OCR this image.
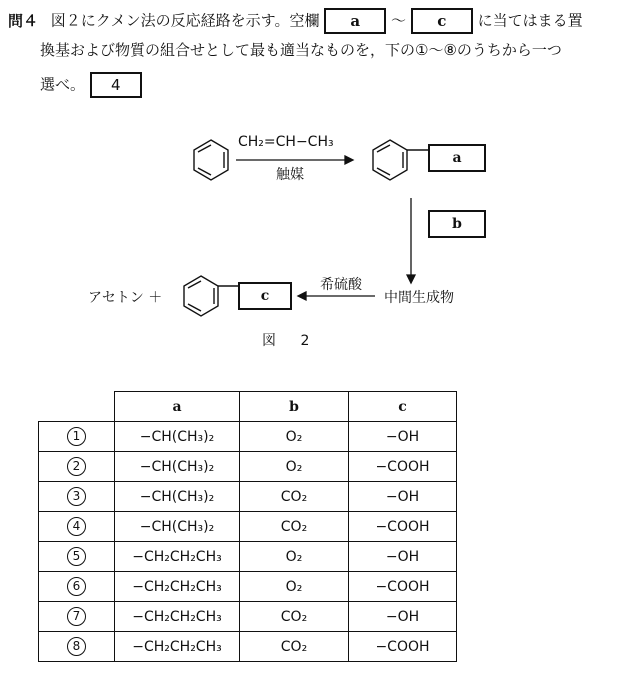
問４ 図２にクメン法の反応経路を示す。空欄 a ～ c に当てはまる置
換基および物質の組合せとして最も適当なものを，下の①～⑧のうちから一つ
選べ。 4
CH₂=CH−CH₃
触媒
a
b
希硫酸
中間生成物
アセトン ＋	c
図 2
	a	b	c
1	−CH(CH₃)₂	O₂	−OH
2	−CH(CH₃)₂	O₂	−COOH
3	−CH(CH₃)₂	CO₂	−OH
4	−CH(CH₃)₂	CO₂	−COOH
5	−CH₂CH₂CH₃	O₂	−OH
6	−CH₂CH₂CH₃	O₂	−COOH
7	−CH₂CH₂CH₃	CO₂	−OH
8	−CH₂CH₂CH₃	CO₂	−COOH
